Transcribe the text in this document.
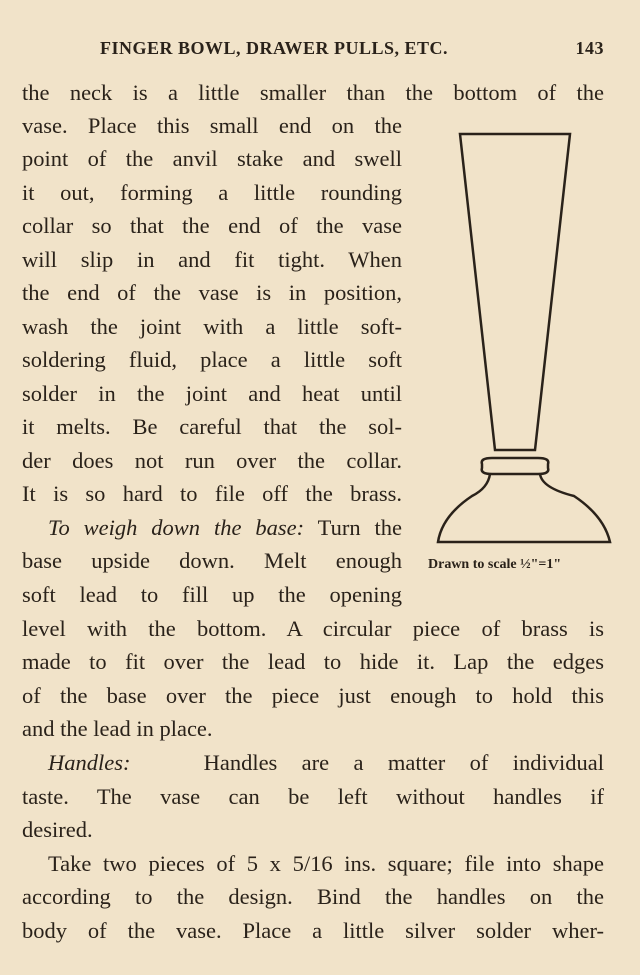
FINGER BOWL, DRAWER PULLS, ETC.	143
the neck is a little smaller than the bottom of the
vase. Place this small end on the
point of the anvil stake and swell
it out, forming a little rounding
collar so that the end of the vase
will slip in and fit tight. When
the end of the vase is in position,
wash the joint with a little soft-
soldering fluid, place a little soft
solder in the joint and heat until
it melts. Be careful that the sol-
der does not run over the collar.
It is so hard to file off the brass.
To weigh down the base: Turn the
base upside down. Melt enough
soft lead to fill up the opening
level with the bottom. A circular piece of brass is
made to fit over the lead to hide it. Lap the edges
of the base over the piece just enough to hold this
and the lead in place.
Handles:	Handles are a matter of individual
taste. The vase can be left without handles if
desired.
Take two pieces of 5 x 5/16 ins. square; file into shape
according to the design. Bind the handles on the
body of the vase. Place a little silver solder wher-
Drawn to scale ½"=1"
